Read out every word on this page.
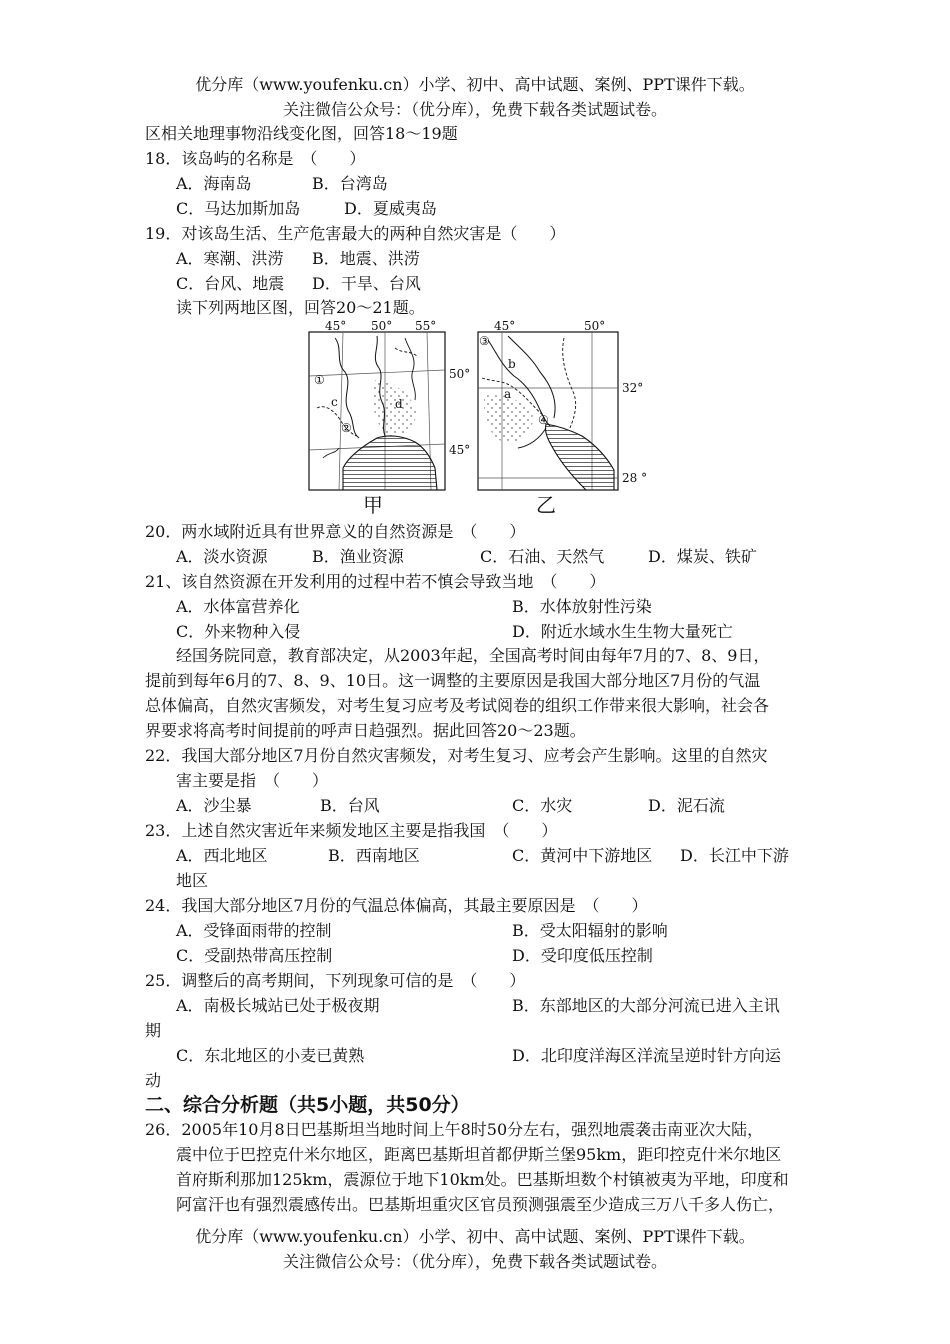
优分库（www.youfenku.cn）小学、初中、高中试题、案例、PPT课件下载。
关注微信公众号：（优分库），免费下载各类试题试卷。
区相关地理事物沿线变化图，回答18～19题
18．该岛屿的名称是　（　　）
A．海南岛	B．台湾岛
C．马达加斯加岛	D．夏威夷岛
19．对该岛生活、生产危害最大的两种自然灾害是（　　）
A．寒潮、洪涝 B．地震、洪涝
C．台风、地震 D．干旱、台风
读下列两地区图，回答20～21题。
45° 50° 55°
50°
45°
①
②
c	d
甲
45°	50°
32°
28 °
③
④
b
a
乙
20．两水域附近具有世界意义的自然资源是　（　　）
A．淡水资源	B．渔业资源	C．石油、天然气	D．煤炭、铁矿
21、该自然资源在开发利用的过程中若不慎会导致当地　（　　）
A．水体富营养化	B．水体放射性污染
C．外来物种入侵	D．附近水域水生生物大量死亡
经国务院同意，教育部决定，从2003年起，全国高考时间由每年7月的7、8、9日，
提前到每年6月的7、8、9、10日。这一调整的主要原因是我国大部分地区7月份的气温
总体偏高，自然灾害频发，对考生复习应考及考试阅卷的组织工作带来很大影响，社会各
界要求将高考时间提前的呼声日趋强烈。据此回答20～23题。
22．我国大部分地区7月份自然灾害频发，对考生复习、应考会产生影响。这里的自然灾
害主要是指　（　　）
A．沙尘暴	B．台风	C．水灾	D．泥石流
23．上述自然灾害近年来频发地区主要是指我国　（　　）
A．西北地区	B．西南地区	C．黄河中下游地区 D．长江中下游
地区
24．我国大部分地区7月份的气温总体偏高，其最主要原因是　（　　）
A．受锋面雨带的控制	B．受太阳辐射的影响
C．受副热带高压控制	D．受印度低压控制
25．调整后的高考期间，下列现象可信的是　（　　）
A．南极长城站已处于极夜期	B．东部地区的大部分河流已进入主讯
期
C．东北地区的小麦已黄熟	D．北印度洋海区洋流呈逆时针方向运
动
二、综合分析题（共5小题，共50分）
26．2005年10月8日巴基斯坦当地时间上午8时50分左右，强烈地震袭击南亚次大陆，
震中位于巴控克什米尔地区，距离巴基斯坦首都伊斯兰堡95km，距印控克什米尔地区
首府斯利那加125km，震源位于地下10km处。巴基斯坦数个村镇被夷为平地，印度和
阿富汗也有强烈震感传出。巴基斯坦重灾区官员预测强震至少造成三万八千多人伤亡，
优分库（www.youfenku.cn）小学、初中、高中试题、案例、PPT课件下载。
关注微信公众号：（优分库），免费下载各类试题试卷。
